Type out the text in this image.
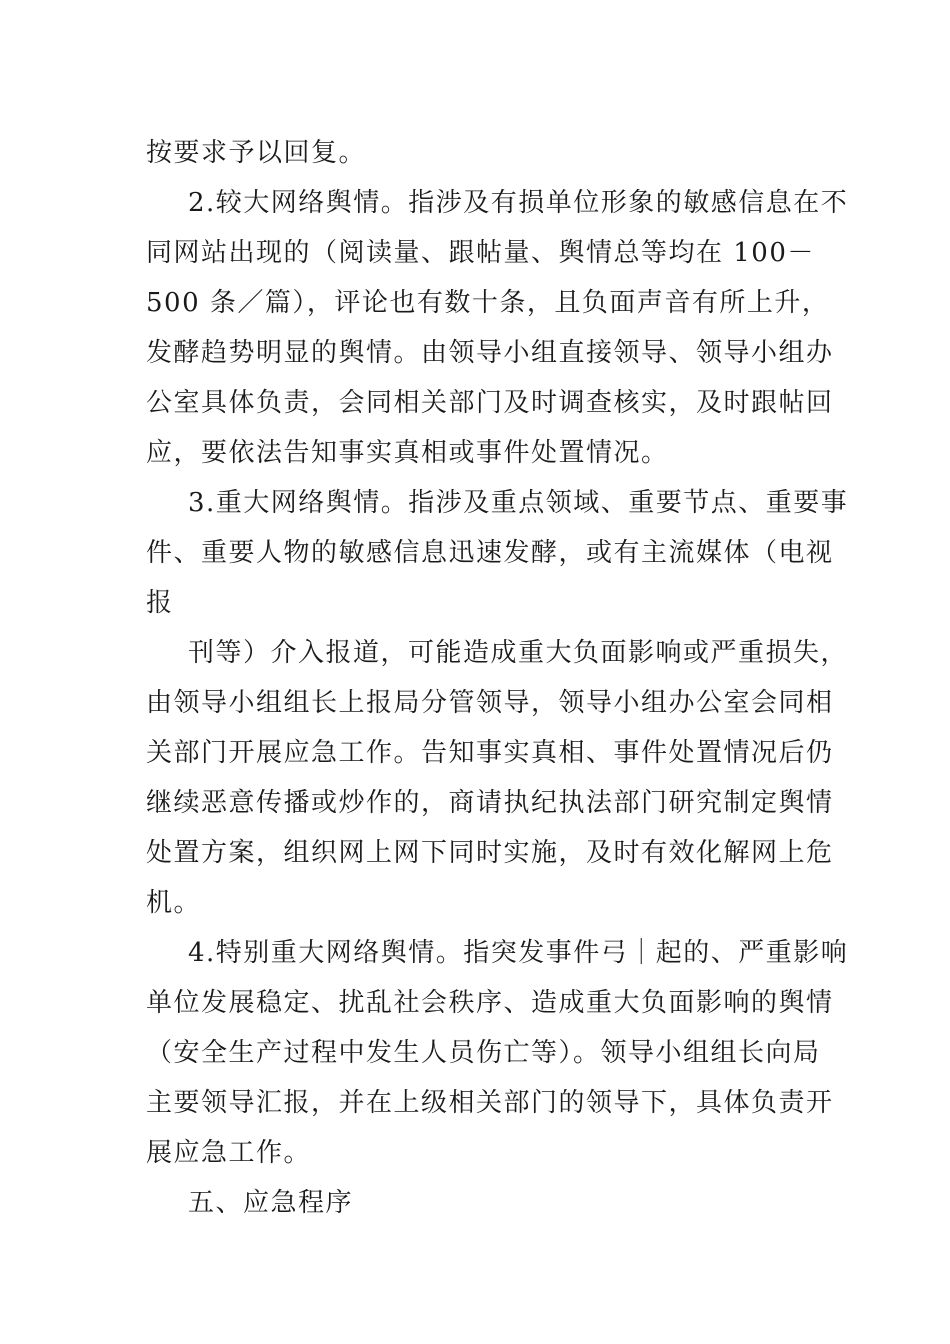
按要求予以回复。
2.较大网络舆情。指涉及有损单位形象的敏感信息在不
同网站出现的（阅读量、跟帖量、舆情总等均在 100－
500 条／篇），评论也有数十条，且负面声音有所上升，
发酵趋势明显的舆情。由领导小组直接领导、领导小组办
公室具体负责，会同相关部门及时调查核实，及时跟帖回
应，要依法告知事实真相或事件处置情况。
3.重大网络舆情。指涉及重点领域、重要节点、重要事
件、重要人物的敏感信息迅速发酵，或有主流媒体（电视
报
刊等）介入报道，可能造成重大负面影响或严重损失，
由领导小组组长上报局分管领导，领导小组办公室会同相
关部门开展应急工作。告知事实真相、事件处置情况后仍
继续恶意传播或炒作的，商请执纪执法部门研究制定舆情
处置方案，组织网上网下同时实施，及时有效化解网上危
机。
4.特别重大网络舆情。指突发事件弓｜起的、严重影响
单位发展稳定、扰乱社会秩序、造成重大负面影响的舆情
（安全生产过程中发生人员伤亡等）。领导小组组长向局
主要领导汇报，并在上级相关部门的领导下，具体负责开
展应急工作。
五、应急程序
